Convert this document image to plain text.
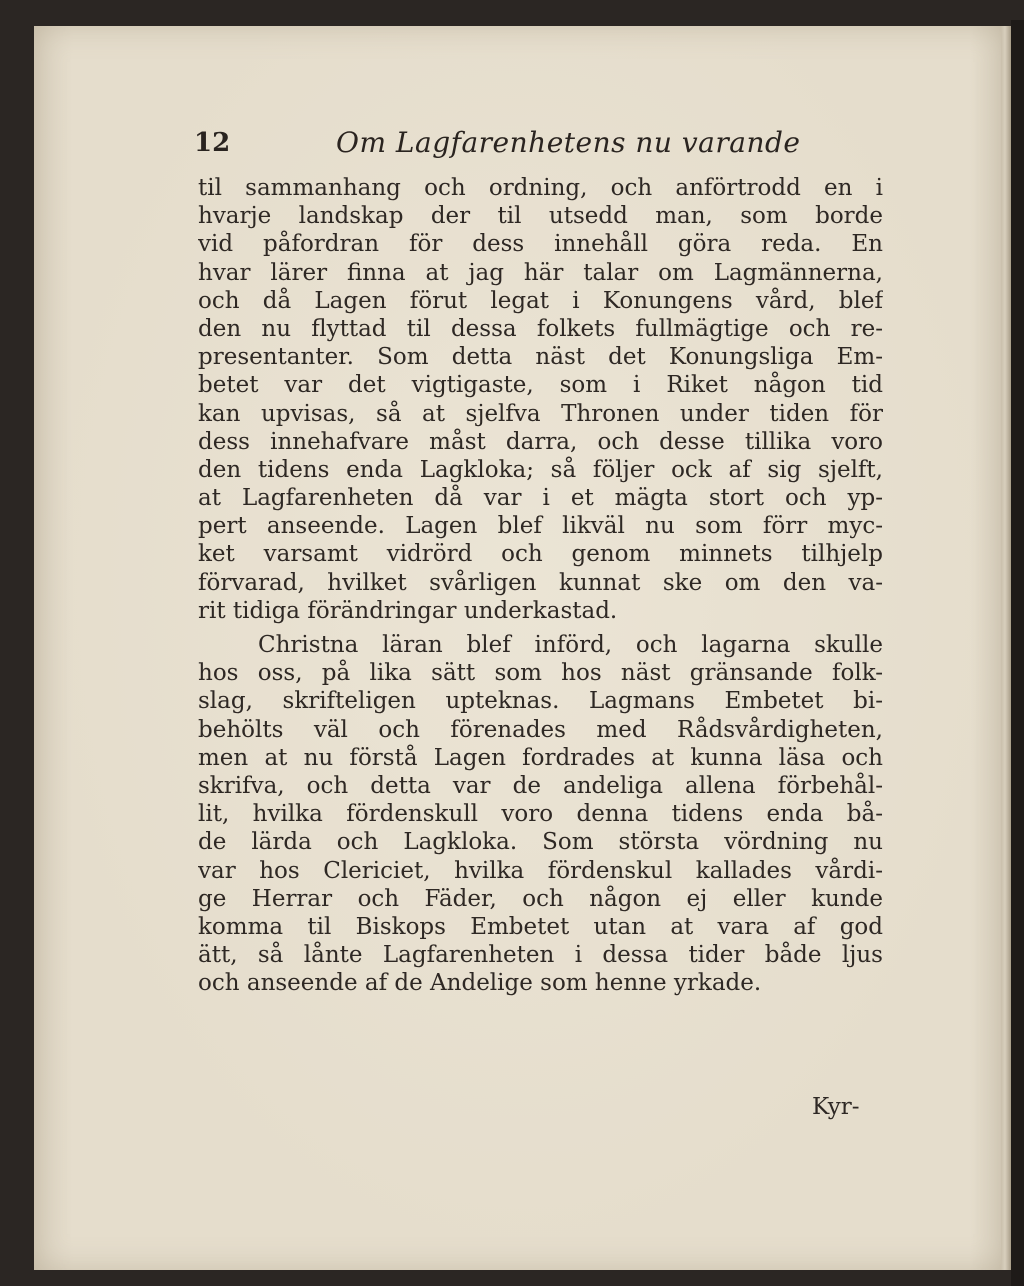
12	Om Lagfarenhetens nu varande
til sammanhang och ordning, och anförtrodd en i
hvarje landskap der til utsedd man, som borde
vid påfordran för dess innehåll göra reda. En
hvar lärer finna at jag här talar om Lagmännerna,
och då Lagen förut legat i Konungens vård, blef
den nu flyttad til dessa folkets fullmägtige och re-
presentanter. Som detta näst det Konungsliga Em-
betet var det vigtigaste, som i Riket någon tid
kan upvisas, så at sjelfva Thronen under tiden för
dess innehafvare måst darra, och desse tillika voro
den tidens enda Lagkloka; så följer ock af sig sjelft,
at Lagfarenheten då var i et mägta stort och yp-
pert anseende. Lagen blef likväl nu som förr myc-
ket varsamt vidrörd och genom minnets tilhjelp
förvarad, hvilket svårligen kunnat ske om den va-
rit tidiga förändringar underkastad.
Christna läran blef införd, och lagarna skulle
hos oss, på lika sätt som hos näst gränsande folk-
slag, skrifteligen upteknas. Lagmans Embetet bi-
behölts väl och förenades med Rådsvårdigheten,
men at nu förstå Lagen fordrades at kunna läsa och
skrifva, och detta var de andeliga allena förbehål-
lit, hvilka fördenskull voro denna tidens enda bå-
de lärda och Lagkloka. Som största vördning nu
var hos Clericiet, hvilka fördenskul kallades vårdi-
ge Herrar och Fäder, och någon ej eller kunde
komma til Biskops Embetet utan at vara af god
ätt, så lånte Lagfarenheten i dessa tider både ljus
och anseende af de Andelige som henne yrkade.
Kyr-
